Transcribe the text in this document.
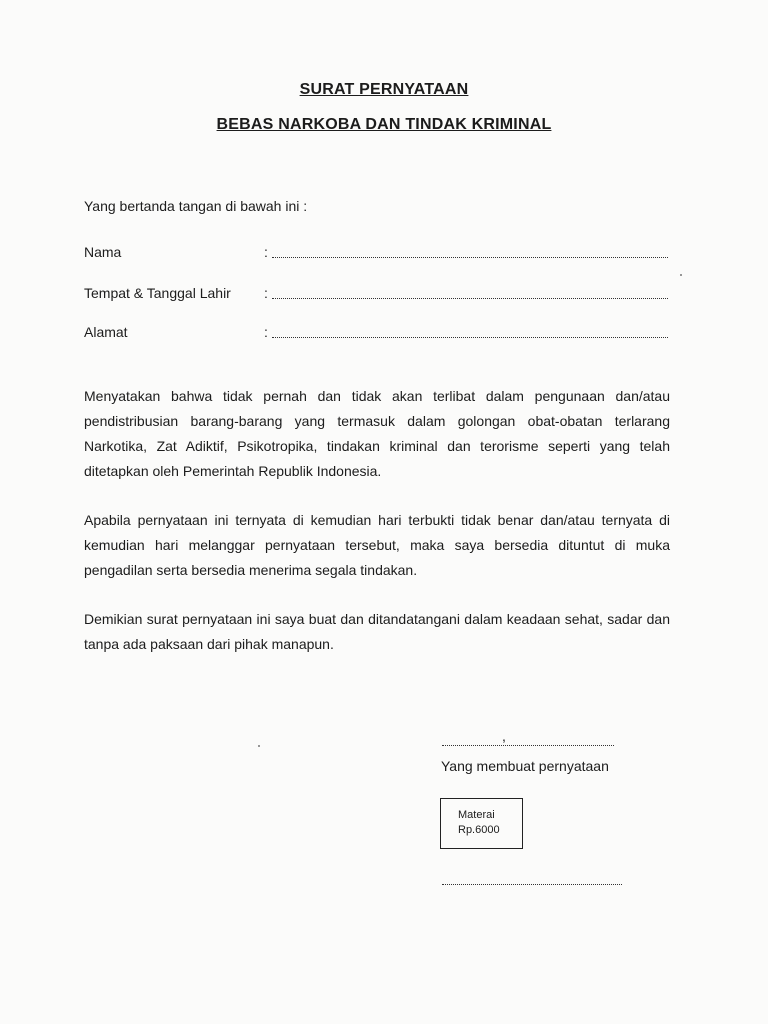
SURAT PERNYATAAN
BEBAS NARKOBA DAN TINDAK KRIMINAL
Yang bertanda tangan di bawah ini :
Nama	:
Tempat & Tanggal Lahir :
Alamat	:

Menyatakan bahwa tidak pernah dan tidak akan terlibat dalam pengunaan dan/atau pendistribusian barang-barang yang termasuk dalam golongan obat-obatan terlarang Narkotika, Zat Adiktif, Psikotropika, tindakan kriminal dan terorisme seperti yang telah ditetapkan oleh Pemerintah Republik Indonesia.

Apabila pernyataan ini ternyata di kemudian hari terbukti tidak benar dan/atau ternyata di kemudian hari melanggar pernyataan tersebut, maka saya bersedia dituntut di muka pengadilan serta bersedia menerima segala tindakan.

Demikian surat pernyataan ini saya buat dan ditandatangani dalam keadaan sehat, sadar dan tanpa ada paksaan dari pihak manapun.

,
Yang membuat pernyataan
Materai
Rp.6000
